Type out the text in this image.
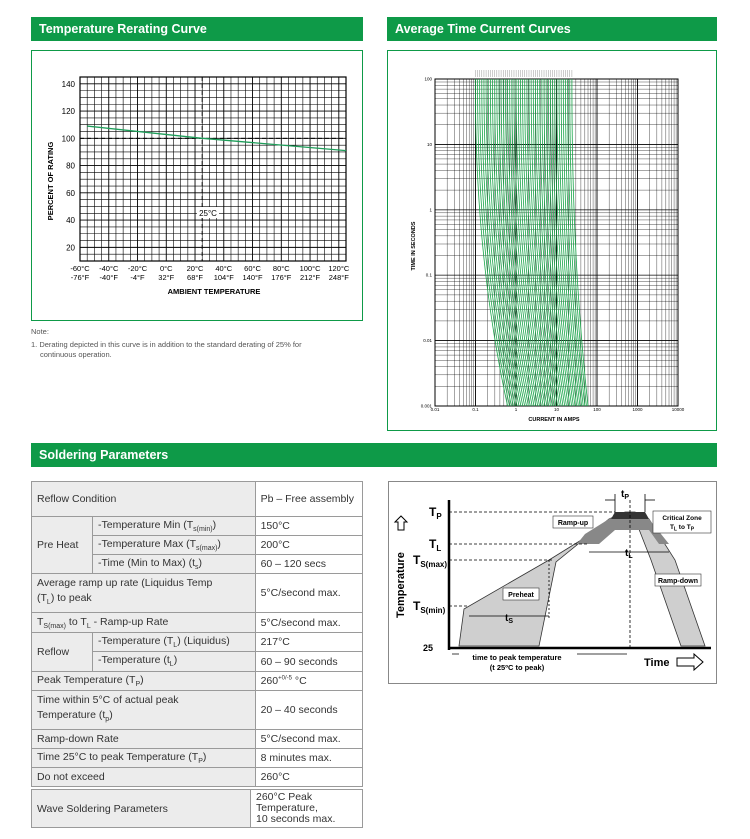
Temperature Rerating Curve
25°C
140
120
100
80
60
40
20
-60°C -40°C -20°C 0°C 20°C 40°C 60°C 80°C 100°C 120°C
-76°F -40°F -4°F 32°F 68°F 104°F 140°F 176°F 212°F 248°F
PERCENT OF RATING
AMBIENT TEMPERATURE
Note:
1. Derating depicted in this curve is in addition to the standard derating of 25% for
continuous operation.
Average Time Current Curves
0.01	0.1	1	10	100	1000	10000
100
10
1
0.1
0.01
0.001
CURRENT IN AMPS
TIME IN SECONDS
Soldering Parameters
Reflow Condition		Pb – Free assembly
Pre Heat	-Temperature Min $(T_{s(min)})$	150°C
	-Temperature Max $(T_{s(max)})$	200°C
	-Time (Min to Max) $(t_s)$	60 – 120 secs
Average ramp up rate (Liquidus Temp
$(T_L)$ to peak		5°C/second max.
$T_{S(max)}$ to $T_L$ - Ramp-up Rate		5°C/second max.
Reflow	-Temperature $(T_L)$ (Liquidus)	217°C
	-Temperature $(t_L)$	60 – 90 seconds
Peak Temperature $(T_P)$		$260^{+0/-5}$ °C
Time within 5°C of actual peak
Temperature $(t_p)$		20 – 40 seconds
Ramp-down Rate		5°C/second max.
Time 25°C to peak Temperature $(T_P)$		8 minutes max.
Do not exceed		260°C
Wave Soldering Parameters	260°C Peak
Temperature,
10 seconds max.
$T_P$
$T_L$
$T_{S(max)}$
$T_{S(min)}$
25
Temperature
Time
Ramp-up
Ramp-down
Preheat
Critical Zone
$T_L$ to $T_P$
$t_P$
$t_L$
$t_S$
time to peak temperature
(t 25ºC to peak)
